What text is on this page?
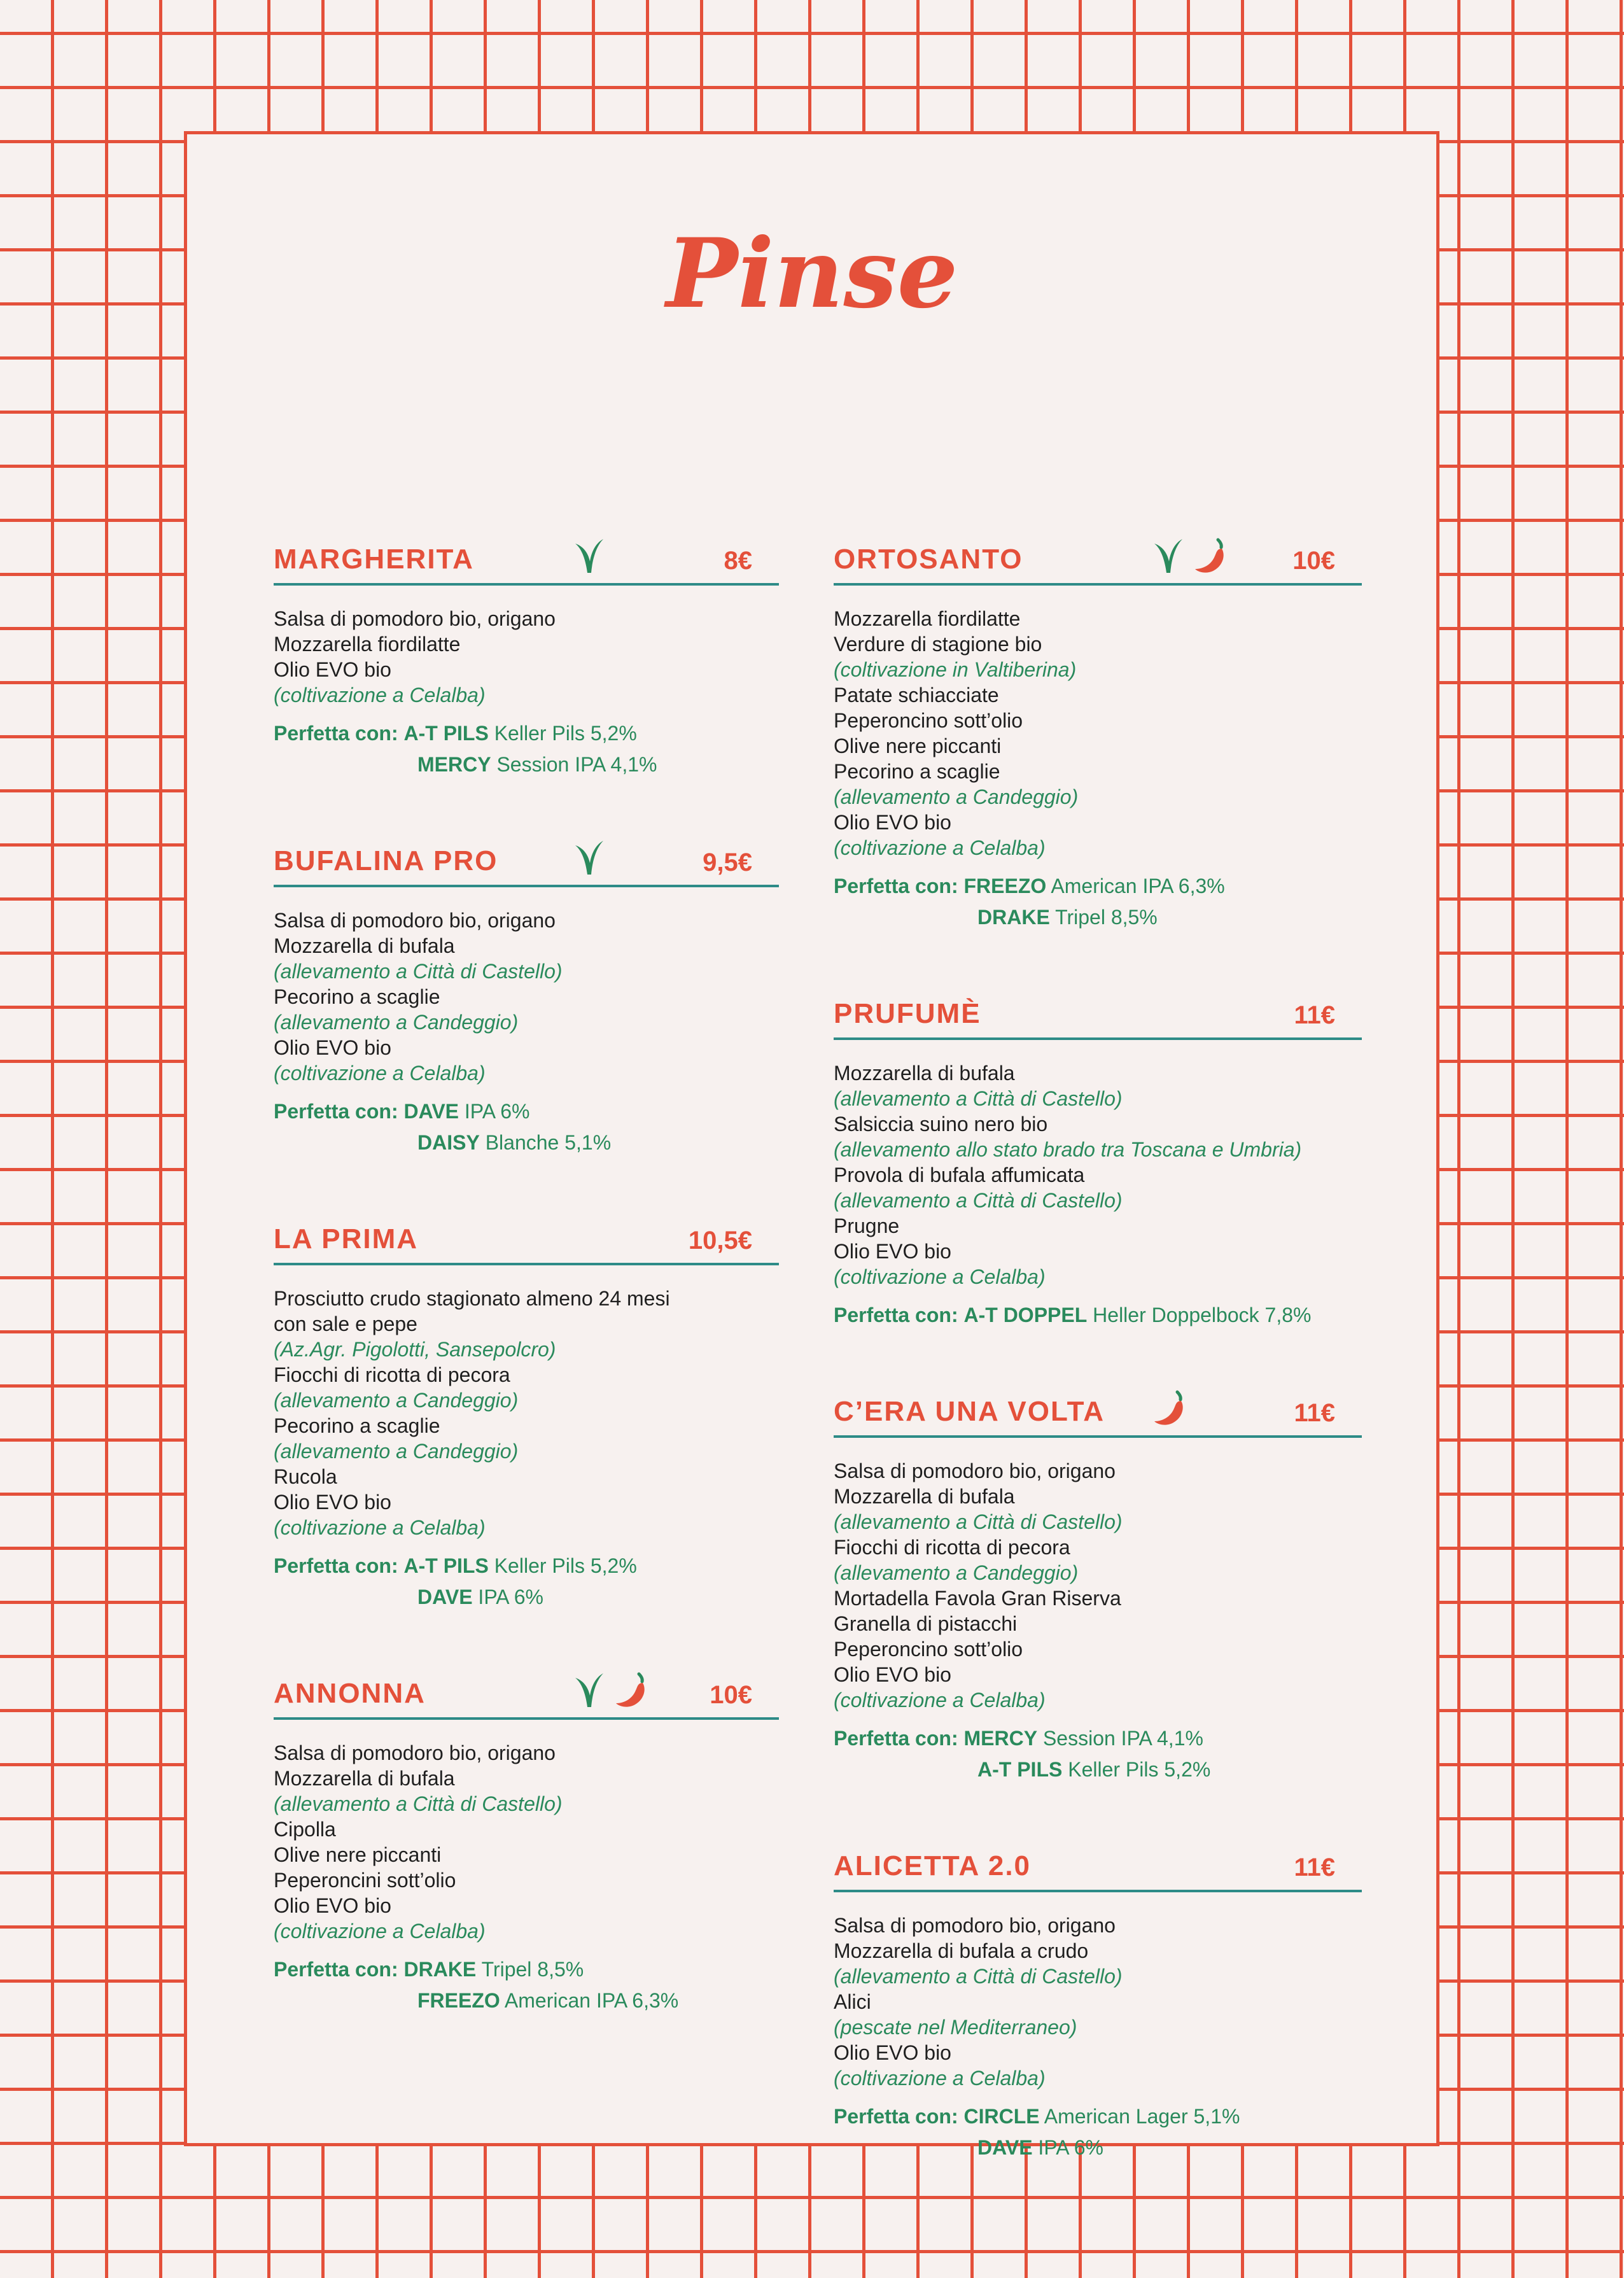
Pinse
MARGHERITA	8€
Salsa di pomodoro bio, origano
Mozzarella fiordilatte
Olio EVO bio
(coltivazione a Celalba)
Perfetta con: A-T PILS Keller Pils 5,2%
MERCY Session IPA 4,1%
BUFALINA PRO	9,5€
Salsa di pomodoro bio, origano
Mozzarella di bufala
(allevamento a Città di Castello)
Pecorino a scaglie
(allevamento a Candeggio)
Olio EVO bio
(coltivazione a Celalba)
Perfetta con: DAVE IPA 6%
DAISY Blanche 5,1%
LA PRIMA	10,5€
Prosciutto crudo stagionato almeno 24 mesi
con sale e pepe
(Az.Agr. Pigolotti, Sansepolcro)
Fiocchi di ricotta di pecora
(allevamento a Candeggio)
Pecorino a scaglie
(allevamento a Candeggio)
Rucola
Olio EVO bio
(coltivazione a Celalba)
Perfetta con: A-T PILS Keller Pils 5,2%
DAVE IPA 6%
ANNONNA	10€
Salsa di pomodoro bio, origano
Mozzarella di bufala
(allevamento a Città di Castello)
Cipolla
Olive nere piccanti
Peperoncini sott’olio
Olio EVO bio
(coltivazione a Celalba)
Perfetta con: DRAKE Tripel 8,5%
FREEZO American IPA 6,3%
ORTOSANTO	10€
Mozzarella fiordilatte
Verdure di stagione bio
(coltivazione in Valtiberina)
Patate schiacciate
Peperoncino sott’olio
Olive nere piccanti
Pecorino a scaglie
(allevamento a Candeggio)
Olio EVO bio
(coltivazione a Celalba)
Perfetta con: FREEZO American IPA 6,3%
DRAKE Tripel 8,5%
PRUFUMÈ	11€
Mozzarella di bufala
(allevamento a Città di Castello)
Salsiccia suino nero bio
(allevamento allo stato brado tra Toscana e Umbria)
Provola di bufala affumicata
(allevamento a Città di Castello)
Prugne
Olio EVO bio
(coltivazione a Celalba)
Perfetta con: A-T DOPPEL Heller Doppelbock 7,8%
C’ERA UNA VOLTA	11€
Salsa di pomodoro bio, origano
Mozzarella di bufala
(allevamento a Città di Castello)
Fiocchi di ricotta di pecora
(allevamento a Candeggio)
Mortadella Favola Gran Riserva
Granella di pistacchi
Peperoncino sott’olio
Olio EVO bio
(coltivazione a Celalba)
Perfetta con: MERCY Session IPA 4,1%
A-T PILS Keller Pils 5,2%
ALICETTA 2.0	11€
Salsa di pomodoro bio, origano
Mozzarella di bufala a crudo
(allevamento a Città di Castello)
Alici
(pescate nel Mediterraneo)
Olio EVO bio
(coltivazione a Celalba)
Perfetta con: CIRCLE American Lager 5,1%
DAVE IPA 6%
